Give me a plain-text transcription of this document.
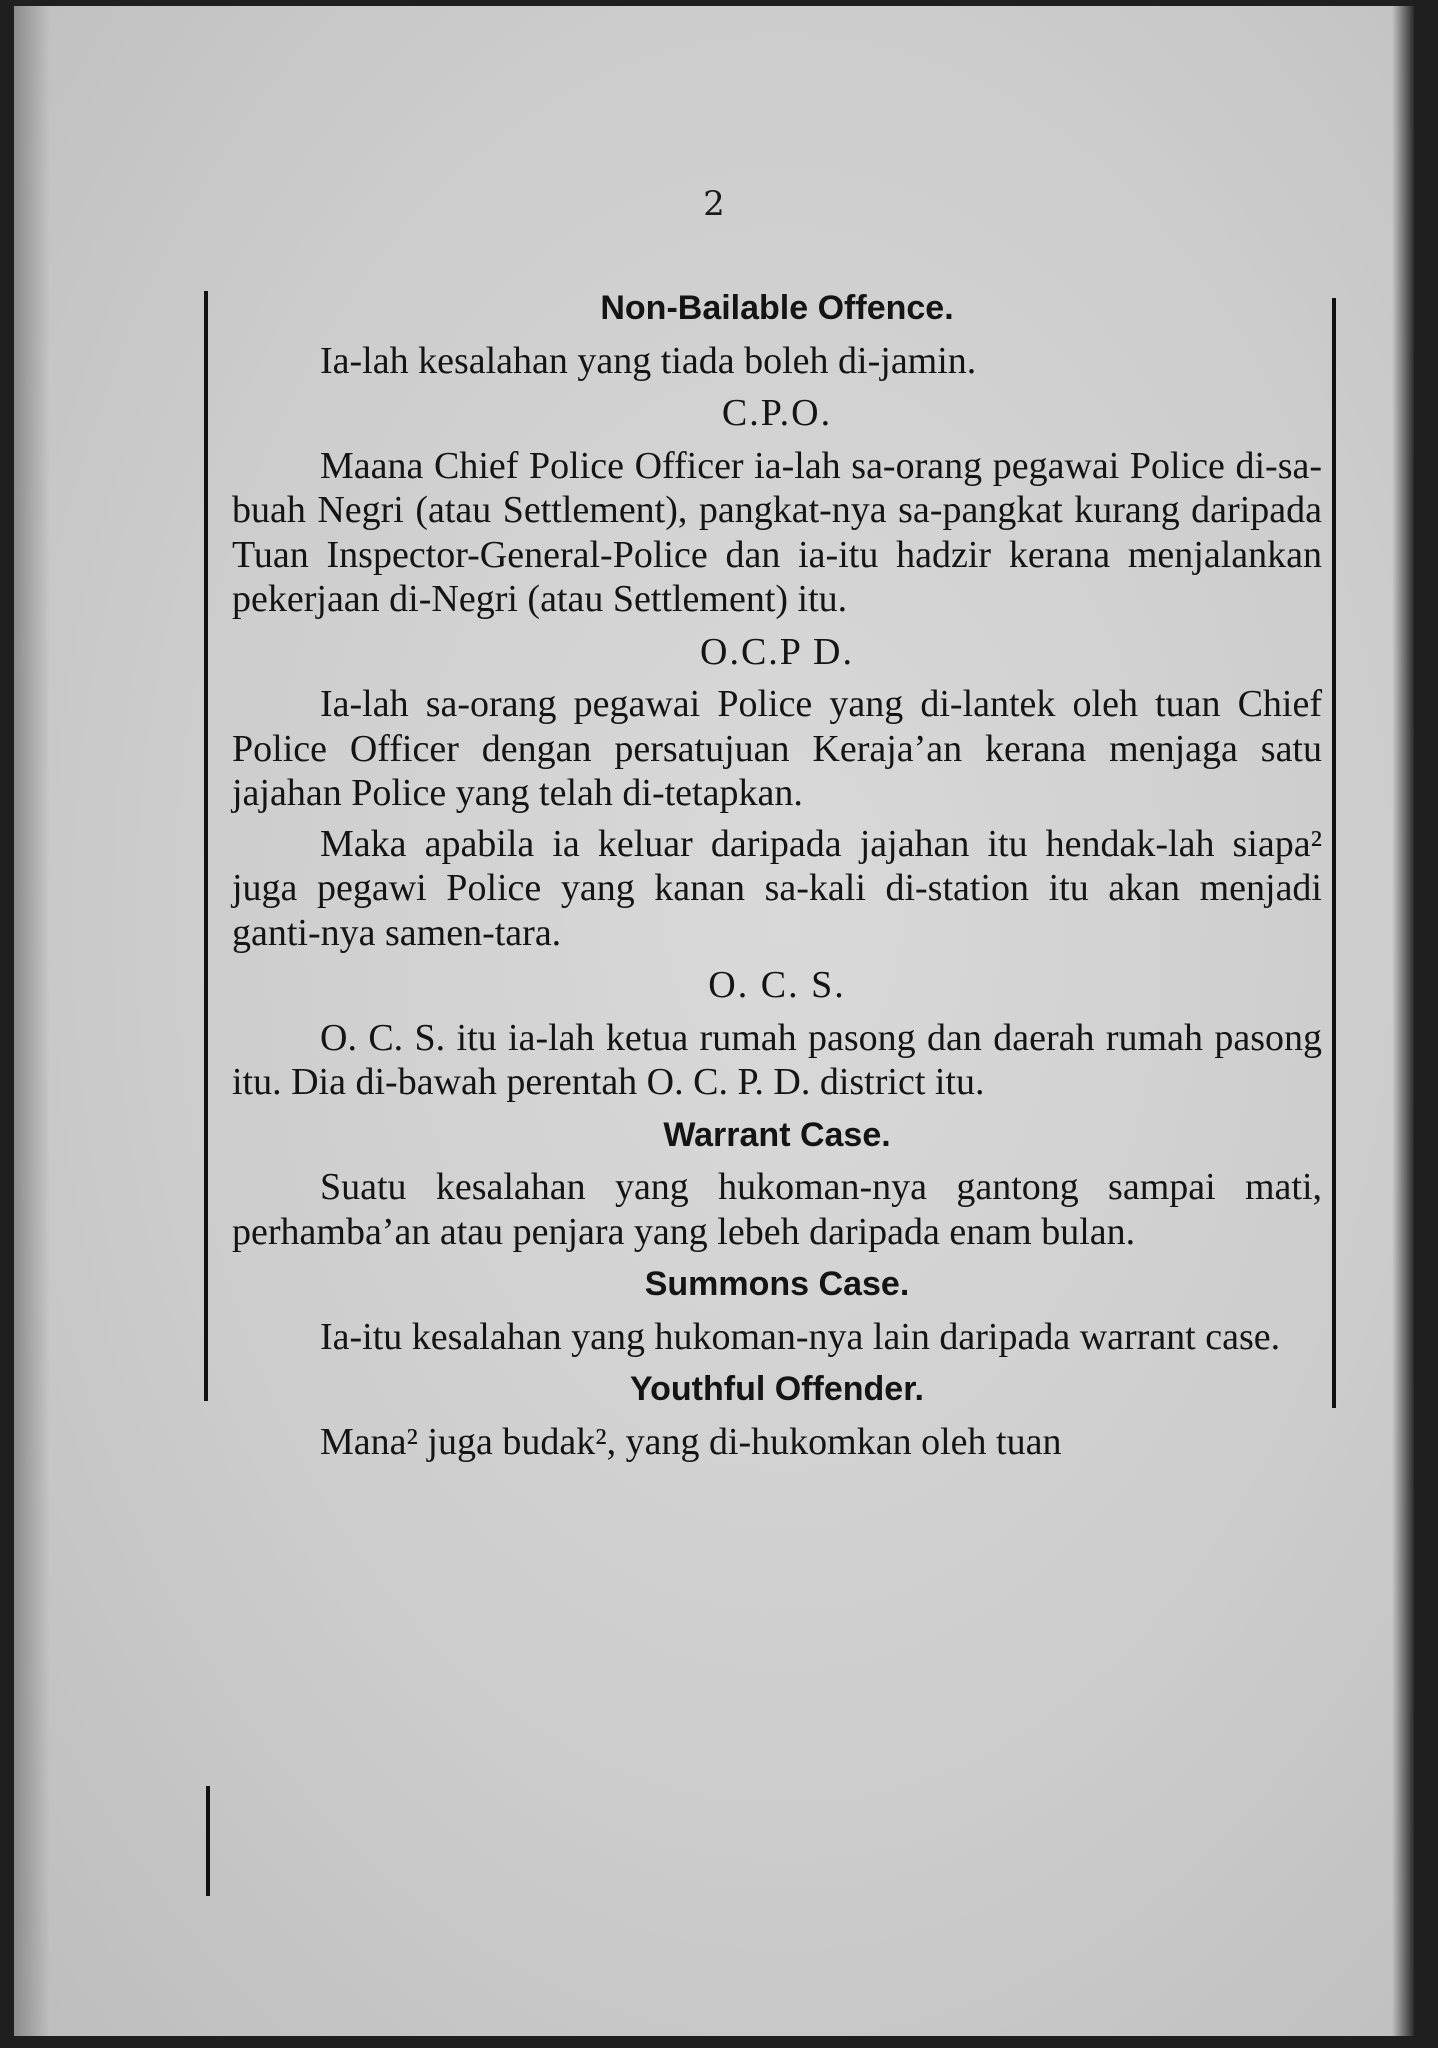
2
Non-Bailable Offence.

Ia-lah kesalahan yang tiada boleh di-jamin.

C.P.O.

Maana Chief Police Officer ia-lah sa-orang pegawai Police di-sa-buah Negri (atau Settlement), pangkat-nya sa-pangkat kurang daripada Tuan Inspector-General-Police dan ia-itu hadzir kerana menjalankan pekerjaan di-Negri (atau Settlement) itu.

O.C.P D.

Ia-lah sa-orang pegawai Police yang di-lantek oleh tuan Chief Police Officer dengan persatujuan Keraja’an kerana menjaga satu jajahan Police yang telah di-tetapkan.

Maka apabila ia keluar daripada jajahan itu hendak-lah siapa² juga pegawi Police yang kanan sa-kali di-station itu akan menjadi ganti-nya samen-tara.

O. C. S.

O. C. S. itu ia-lah ketua rumah pasong dan daerah rumah pasong itu. Dia di-bawah perentah O. C. P. D. district itu.

Warrant Case.

Suatu kesalahan yang hukoman-nya gantong sampai mati, perhamba’an atau penjara yang lebeh daripada enam bulan.

Summons Case.

Ia-itu kesalahan yang hukoman-nya lain daripada warrant case.

Youthful Offender.

Mana² juga budak², yang di-hukomkan oleh tuan
